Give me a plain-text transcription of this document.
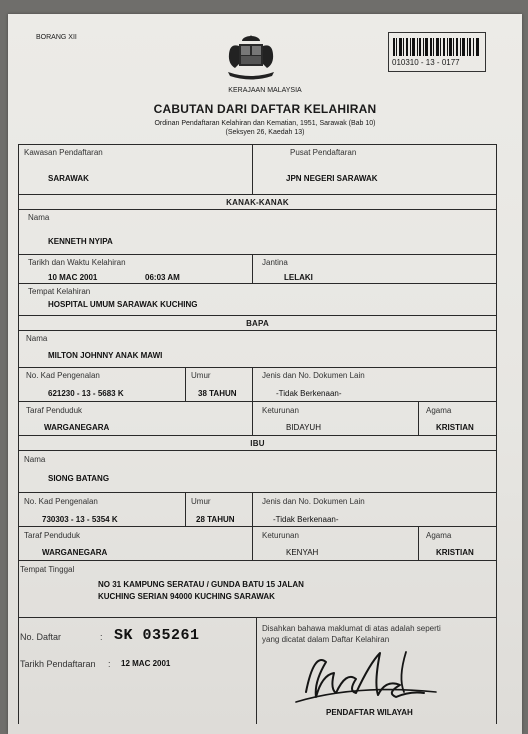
BORANG XII
010310 - 13 - 0177
KERAJAAN MALAYSIA
CABUTAN DARI DAFTAR KELAHIRAN
Ordinan Pendaftaran Kelahiran dan Kematian, 1951, Sarawak (Bab 10)
(Seksyen 26, Kaedah 13)
Kawasan Pendaftaran
SARAWAK
Pusat Pendaftaran
JPN NEGERI SARAWAK
KANAK-KANAK
Nama
KENNETH NYIPA
Tarikh dan Waktu Kelahiran
10 MAC 2001	06:03 AM
Jantina
LELAKI
Tempat Kelahiran
HOSPITAL UMUM SARAWAK KUCHING
BAPA
Nama
MILTON JOHNNY ANAK MAWI
No. Kad Pengenalan
621230 - 13 - 5683 K
Umur
38 TAHUN
Jenis dan No. Dokumen Lain
-Tidak Berkenaan-
Taraf Penduduk
WARGANEGARA
Keturunan
BIDAYUH
Agama
KRISTIAN
IBU
Nama
SIONG BATANG
No. Kad Pengenalan
730303 - 13 - 5354 K
Umur
28 TAHUN
Jenis dan No. Dokumen Lain
-Tidak Berkenaan-
Taraf Penduduk
WARGANEGARA
Keturunan
KENYAH
Agama
KRISTIAN
Tempat Tinggal
NO 31 KAMPUNG SERATAU / GUNDA BATU 15 JALAN
KUCHING SERIAN 94000 KUCHING SARAWAK
No. Daftar	: SK 035261
Tarikh Pendaftaran : 12 MAC 2001
Disahkan bahawa maklumat di atas adalah seperti
yang dicatat dalam Daftar Kelahiran
PENDAFTAR WILAYAH
